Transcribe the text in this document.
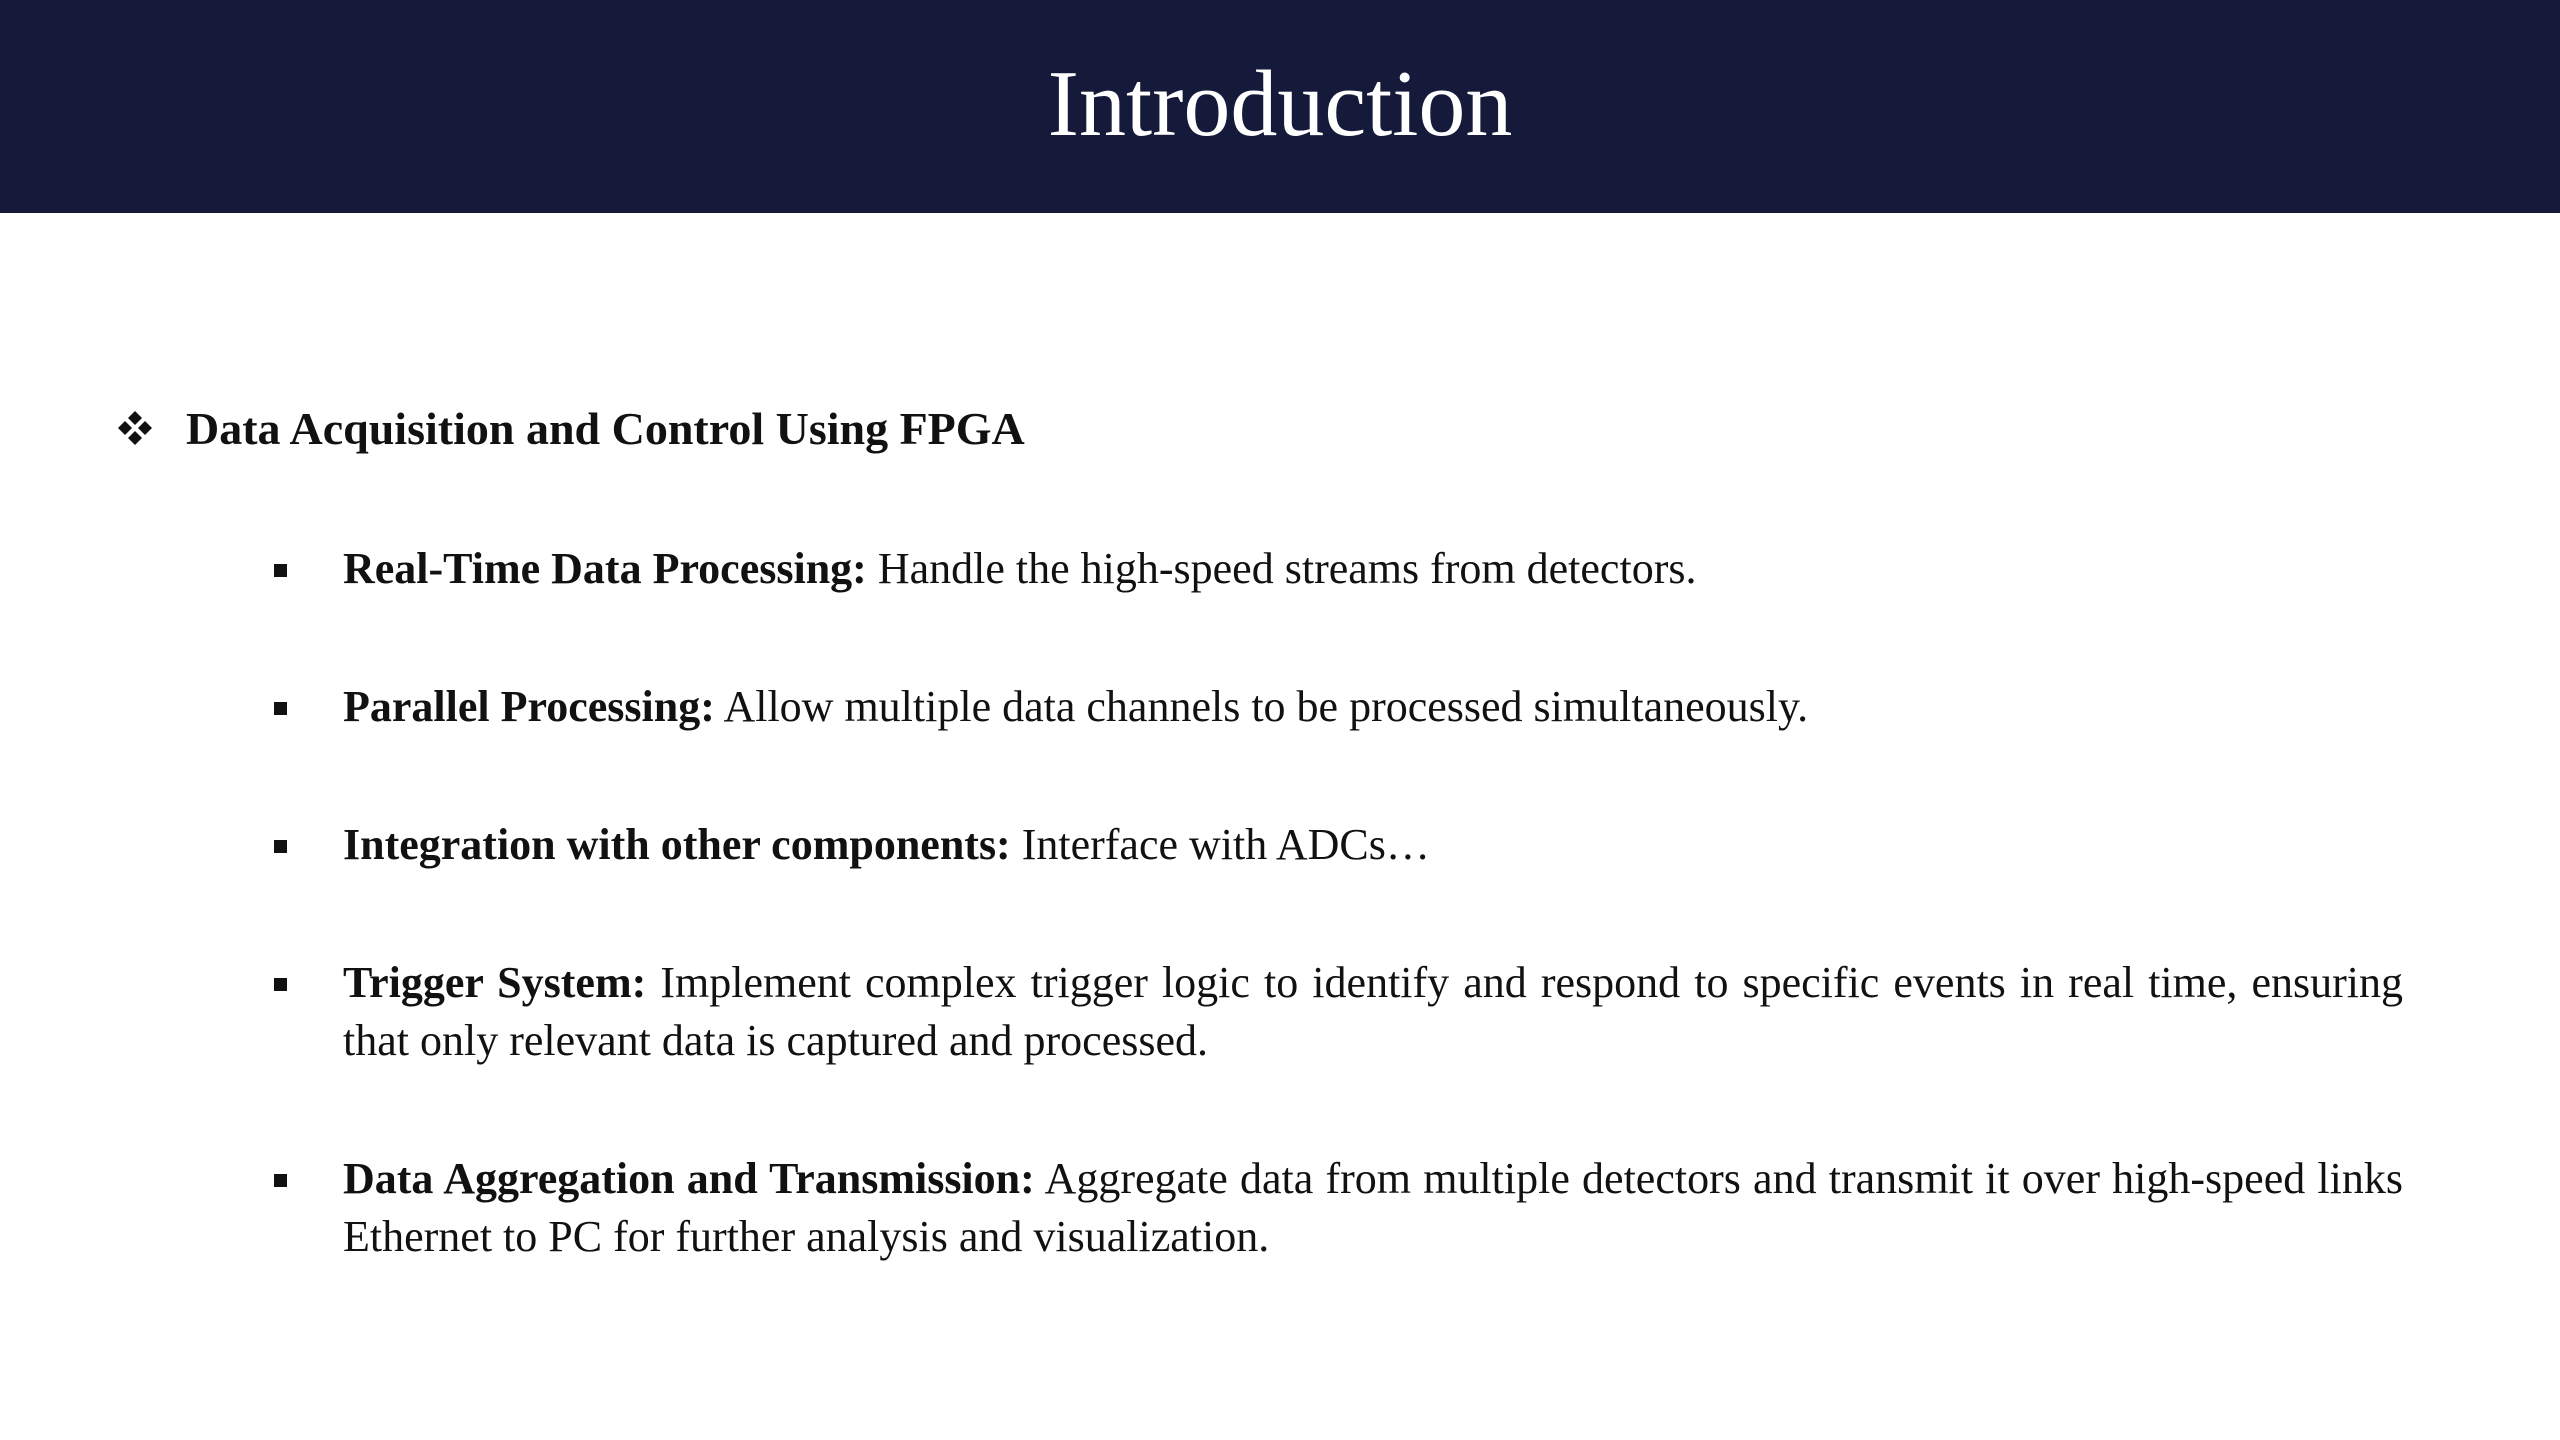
Introduction
Data Acquisition and Control Using FPGA
Real-Time Data Processing: Handle the high-speed streams from detectors.
Parallel Processing: Allow multiple data channels to be processed simultaneously.
Integration with other components: Interface with ADCs…
Trigger System: Implement complex trigger logic to identify and respond to specific events in real time, ensuring that only relevant data is captured and processed.
Data Aggregation and Transmission: Aggregate data from multiple detectors and transmit it over high-speed links Ethernet to PC for further analysis and visualization.
